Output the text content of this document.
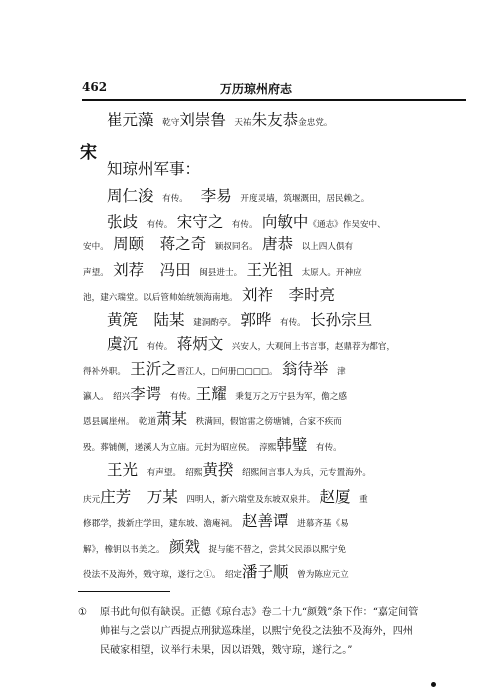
462	万历琼州府志
宋
崔元藻　乾守刘崇鲁　天祐朱友恭金忠党。
知琼州军事：
周仁浚　有传。　　李易　开度灵墙，筑堰溉田，居民赖之。
张歧　有传。　宋守之　有传。　向敏中《通志》作吴安中、
安中。　周颐　蒋之奇　颖叔同名。　唐恭　以上四人俱有
声望。　刘荐　冯田　闽县进士。　王光祖　太原人。开神应
池，建六瑞堂。以后管帅始统领海南地。　刘祚　李时亮
黄箎　陆某　建洞酌亭。　郭晔　有传。　长孙宗旦
虞沉　有传。　蒋炳文　兴安人，大观间上书言事，赵鼎荐为都官，
得补外职。　王沂之晋江人，□何册□□□□。　翁待举　津
瀛人。　绍兴李谔　有传。王耀　秉复万之万宁县为军，儋之感
恩县属崖州。　乾道萧某　秩满回，假馆雷之傍塘铺，合家不疾而
殁。葬铺侧，递溪人为立庙。元封为昭应侯。　淳熙韩璧　有传。
王光　有声望。　绍熙黄揆　绍熙间言事人为兵，元专置海外。
庆元庄芳　万某　四明人，新六瑞堂及东坡双泉井。　赵厦　重
修郡学，拨新庄学田，建东坡、澹庵祠。　赵善谭　进慕齐基《易
解》，橡钥以书美之。　颜戣　捉与能不替之，尝其父民添以熙宁免
役法不及海外，戣守琼，遂行之①。　绍定潘子顺　曾为陈应元立
① 原书此句似有缺误。正德《琼台志》卷二十九“颜戣”条下作：“嘉定间管
帅崔与之尝以广西提点刑狱巡珠崖，以熙宁免役之法独不及海外，四州
民破家相望，议举行未果，因以语戣，戣守琼，遂行之。”
